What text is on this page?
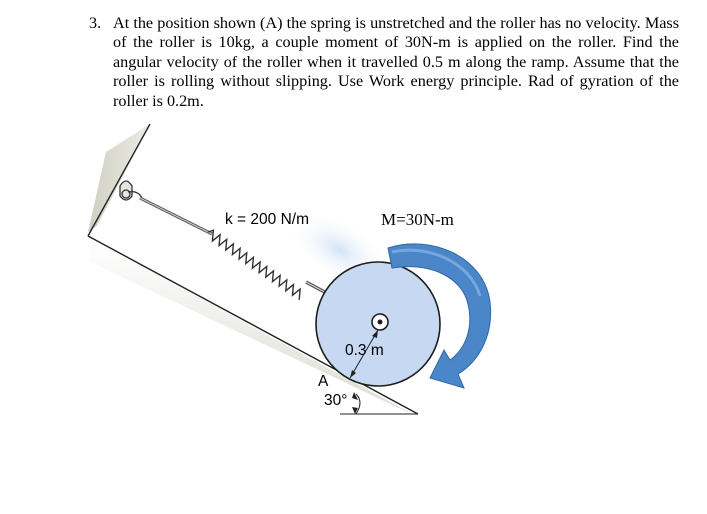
3. At the position shown (A) the spring is unstretched and the roller has no velocity. Mass of the roller is 10kg, a couple moment of 30N-m is applied on the roller. Find the angular velocity of the roller when it travelled 0.5 m along the ramp. Assume that the roller is rolling without slipping. Use Work energy principle. Rad of gyration of the roller is 0.2m.
k = 200 N/m	M=30N-m
0.3 m
A
30°
